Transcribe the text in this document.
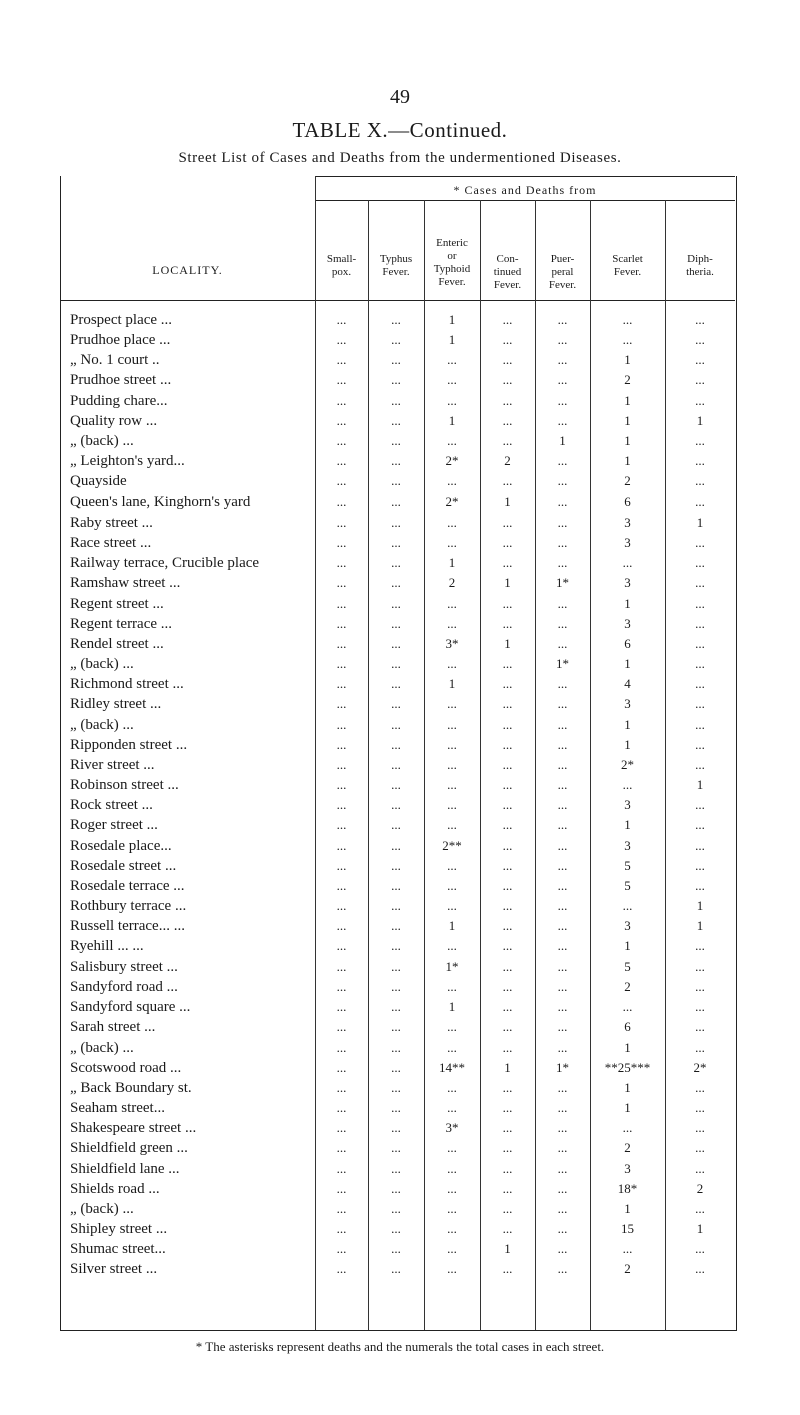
49
TABLE X.—Continued.
Street List of Cases and Deaths from the undermentioned Diseases.
* Cases and Deaths from
LOCALITY.
Small-
pox.
Typhus
Fever.
Enteric
or
Typhoid
Fever.
Con-
tinued
Fever.
Puer-
peral
Fever.
Scarlet
Fever.
Diph-
theria.
Prospect place ...	...	...	1	...	...	...	...
Prudhoe place ...	...	...	1	...	...	...	...
„ No. 1 court ..	...	...	...	...	...	1	...
Prudhoe street ...	...	...	...	...	...	2	...
Pudding chare...	...	...	...	...	...	1	...
Quality row ...	...	...	1	...	...	1	1
„ (back) ...	...	...	...	...	1	1	...
„ Leighton's yard...	...	...	2*	2	...	1	...
Quayside	...	...	...	...	...	2	...
Queen's lane, Kinghorn's yard	...	...	2*	1	...	6	...
Raby street ...	...	...	...	...	...	3	1
Race street ...	...	...	...	...	...	3	...
Railway terrace, Crucible place	...	...	1	...	...	...	...
Ramshaw street ...	...	...	2	1	1*	3	...
Regent street ...	...	...	...	...	...	1	...
Regent terrace ...	...	...	...	...	...	3	...
Rendel street ...	...	...	3*	1	...	6	...
„ (back) ...	...	...	...	...	1*	1	...
Richmond street ...	...	...	1	...	...	4	...
Ridley street ...	...	...	...	...	...	3	...
„ (back) ...	...	...	...	...	...	1	...
Ripponden street ...	...	...	...	...	...	1	...
River street ...	...	...	...	...	...	2*	...
Robinson street ...	...	...	...	...	...	...	1
Rock street ...	...	...	...	...	...	3	...
Roger street ...	...	...	...	...	...	1	...
Rosedale place...	...	...	2**	...	...	3	...
Rosedale street ...	...	...	...	...	...	5	...
Rosedale terrace ...	...	...	...	...	...	5	...
Rothbury terrace ...	...	...	...	...	...	...	1
Russell terrace... ...	...	...	1	...	...	3	1
Ryehill ... ...	...	...	...	...	...	1	...
Salisbury street ...	...	...	1*	...	...	5	...
Sandyford road ...	...	...	...	...	...	2	...
Sandyford square ...	...	...	1	...	...	...	...
Sarah street ...	...	...	...	...	...	6	...
„ (back) ...	...	...	...	...	...	1	...
Scotswood road ...	...	...	14**	1	1*	**25***	2*
„ Back Boundary st.	...	...	...	...	...	1	...
Seaham street...	...	...	...	...	...	1	...
Shakespeare street ...	...	...	3*	...	...	...	...
Shieldfield green ...	...	...	...	...	...	2	...
Shieldfield lane ...	...	...	...	...	...	3	...
Shields road ...	...	...	...	...	...	18*	2
„ (back) ...	...	...	...	...	...	1	...
Shipley street ...	...	...	...	...	...	15	1
Shumac street...	...	...	...	1	...	...	...
Silver street ...	...	...	...	...	...	2	...
* The asterisks represent deaths and the numerals the total cases in each street.
